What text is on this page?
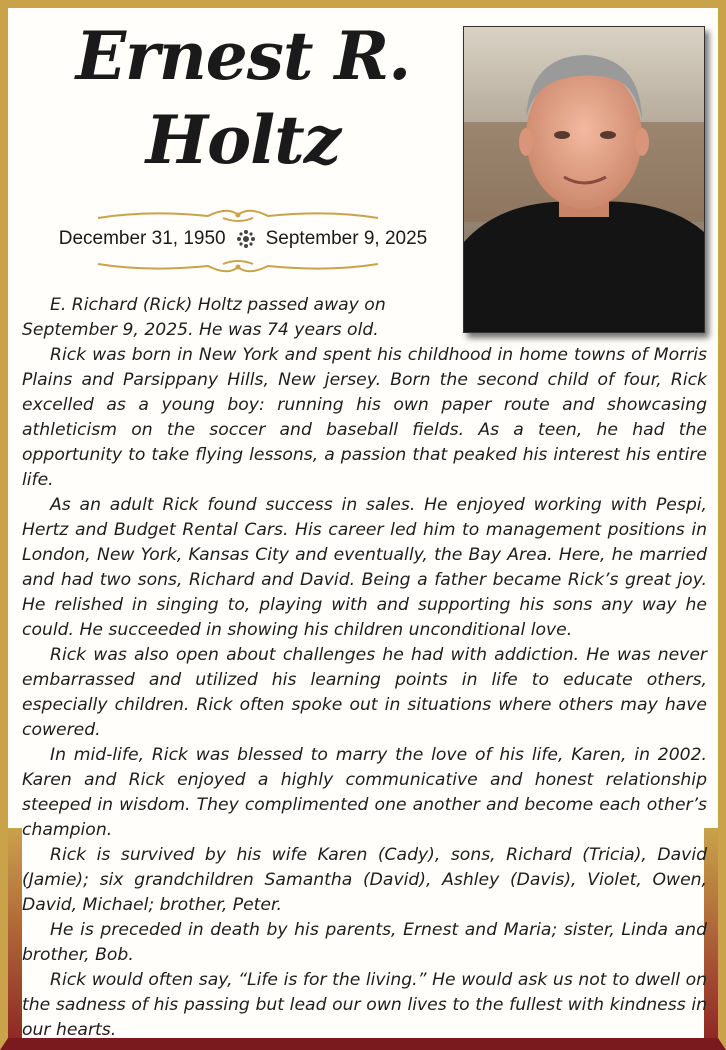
Ernest R.
Holtz
December 31, 1950 September 9, 2025

E. Richard (Rick) Holtz passed away on

September 9, 2025. He was 74 years old.

Rick was born in New York and spent his childhood in home towns of Morris Plains and Parsippany Hills, New jersey. Born the second child of four, Rick excelled as a young boy: running his own paper route and showcasing athleticism on the soccer and baseball fields. As a teen, he had the opportunity to take flying lessons, a passion that peaked his interest his entire life.

As an adult Rick found success in sales. He enjoyed working with Pespi, Hertz and Budget Rental Cars. His career led him to management positions in London, New York, Kansas City and eventually, the Bay Area. Here, he married and had two sons, Richard and David. Being a father became Rick’s great joy. He relished in singing to, playing with and supporting his sons any way he could. He succeeded in showing his children unconditional love.

Rick was also open about challenges he had with addiction. He was never embarrassed and utilized his learning points in life to educate others, especially children. Rick often spoke out in situations where others may have cowered.

In mid-life, Rick was blessed to marry the love of his life, Karen, in 2002. Karen and Rick enjoyed a highly communicative and honest relationship steeped in wisdom. They complimented one another and become each other’s champion.

Rick is survived by his wife Karen (Cady), sons, Richard (Tricia), David (Jamie); six grandchildren Samantha (David), Ashley (Davis), Violet, Owen, David, Michael; brother, Peter.

He is preceded in death by his parents, Ernest and Maria; sister, Linda and brother, Bob.

Rick would often say, “Life is for the living.” He would ask us not to dwell on the sadness of his passing but lead our own lives to the fullest with kindness in our hearts.
